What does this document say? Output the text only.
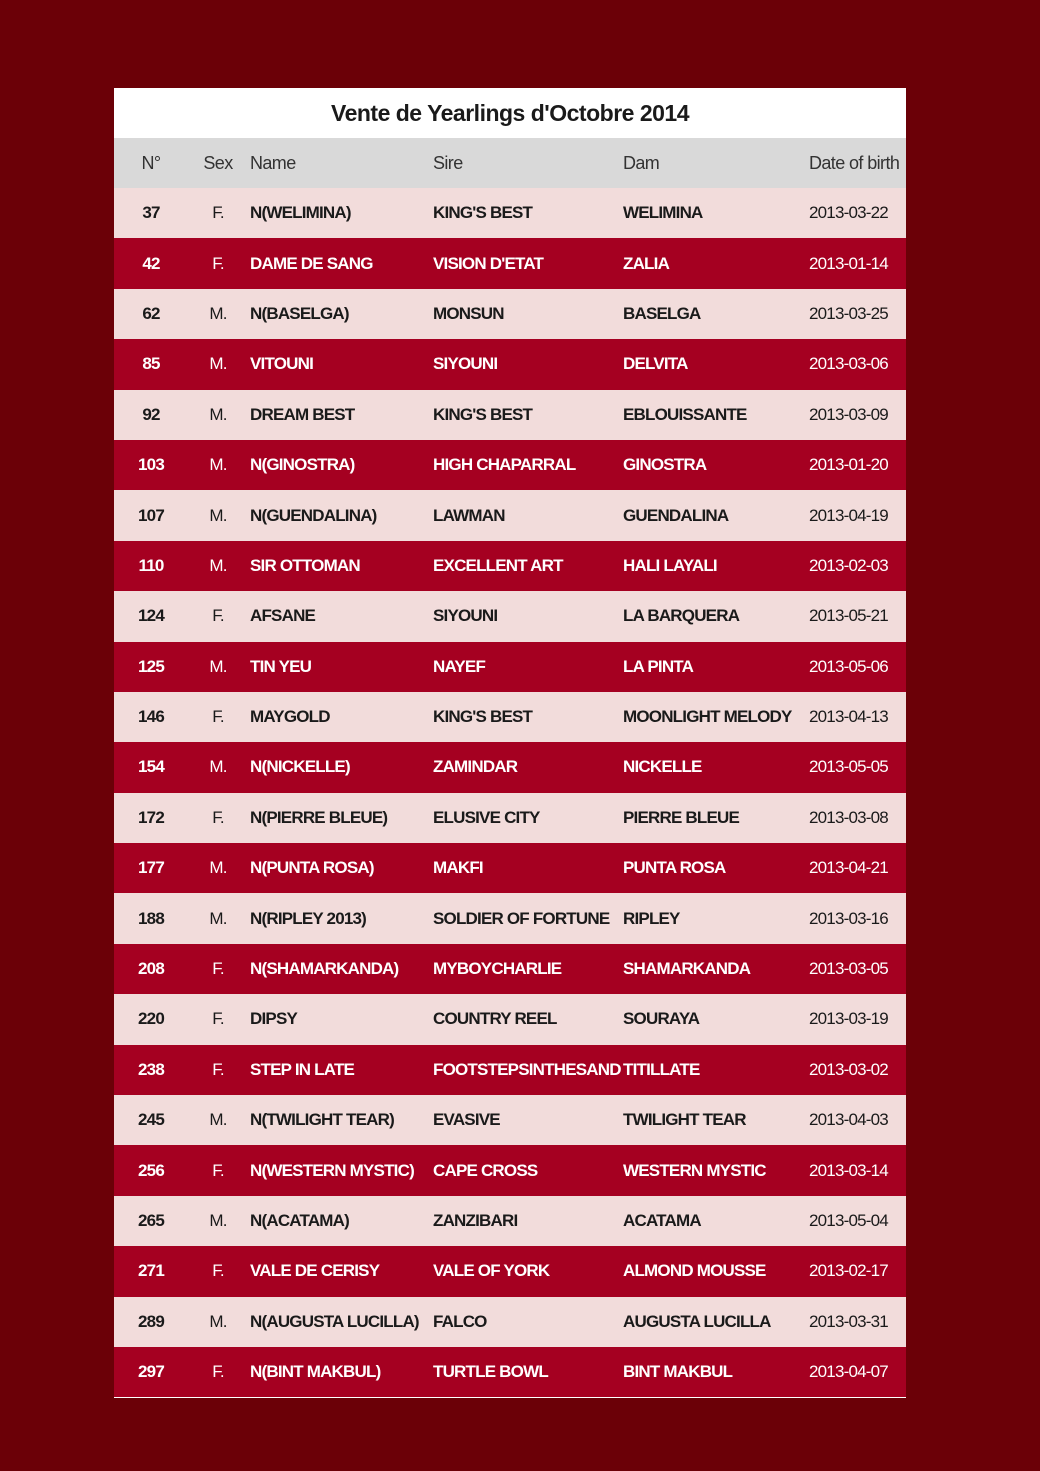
Vente de Yearlings d'Octobre 2014
N°	Sex	Name	Sire	Dam	Date of birth
37	F.	N(WELIMINA)	KING'S BEST	WELIMINA	2013-03-22
42	F.	DAME DE SANG	VISION D'ETAT	ZALIA	2013-01-14
62	M.	N(BASELGA)	MONSUN	BASELGA	2013-03-25
85	M.	VITOUNI	SIYOUNI	DELVITA	2013-03-06
92	M.	DREAM BEST	KING'S BEST	EBLOUISSANTE	2013-03-09
103	M.	N(GINOSTRA)	HIGH CHAPARRAL	GINOSTRA	2013-01-20
107	M.	N(GUENDALINA)	LAWMAN	GUENDALINA	2013-04-19
110	M.	SIR OTTOMAN	EXCELLENT ART	HALI LAYALI	2013-02-03
124	F.	AFSANE	SIYOUNI	LA BARQUERA	2013-05-21
125	M.	TIN YEU	NAYEF	LA PINTA	2013-05-06
146	F.	MAYGOLD	KING'S BEST	MOONLIGHT MELODY	2013-04-13
154	M.	N(NICKELLE)	ZAMINDAR	NICKELLE	2013-05-05
172	F.	N(PIERRE BLEUE)	ELUSIVE CITY	PIERRE BLEUE	2013-03-08
177	M.	N(PUNTA ROSA)	MAKFI	PUNTA ROSA	2013-04-21
188	M.	N(RIPLEY 2013)	SOLDIER OF FORTUNE	RIPLEY	2013-03-16
208	F.	N(SHAMARKANDA)	MYBOYCHARLIE	SHAMARKANDA	2013-03-05
220	F.	DIPSY	COUNTRY REEL	SOURAYA	2013-03-19
238	F.	STEP IN LATE	FOOTSTEPSINTHESAND	TITILLATE	2013-03-02
245	M.	N(TWILIGHT TEAR)	EVASIVE	TWILIGHT TEAR	2013-04-03
256	F.	N(WESTERN MYSTIC)	CAPE CROSS	WESTERN MYSTIC	2013-03-14
265	M.	N(ACATAMA)	ZANZIBARI	ACATAMA	2013-05-04
271	F.	VALE DE CERISY	VALE OF YORK	ALMOND MOUSSE	2013-02-17
289	M.	N(AUGUSTA LUCILLA)	FALCO	AUGUSTA LUCILLA	2013-03-31
297	F.	N(BINT MAKBUL)	TURTLE BOWL	BINT MAKBUL	2013-04-07
